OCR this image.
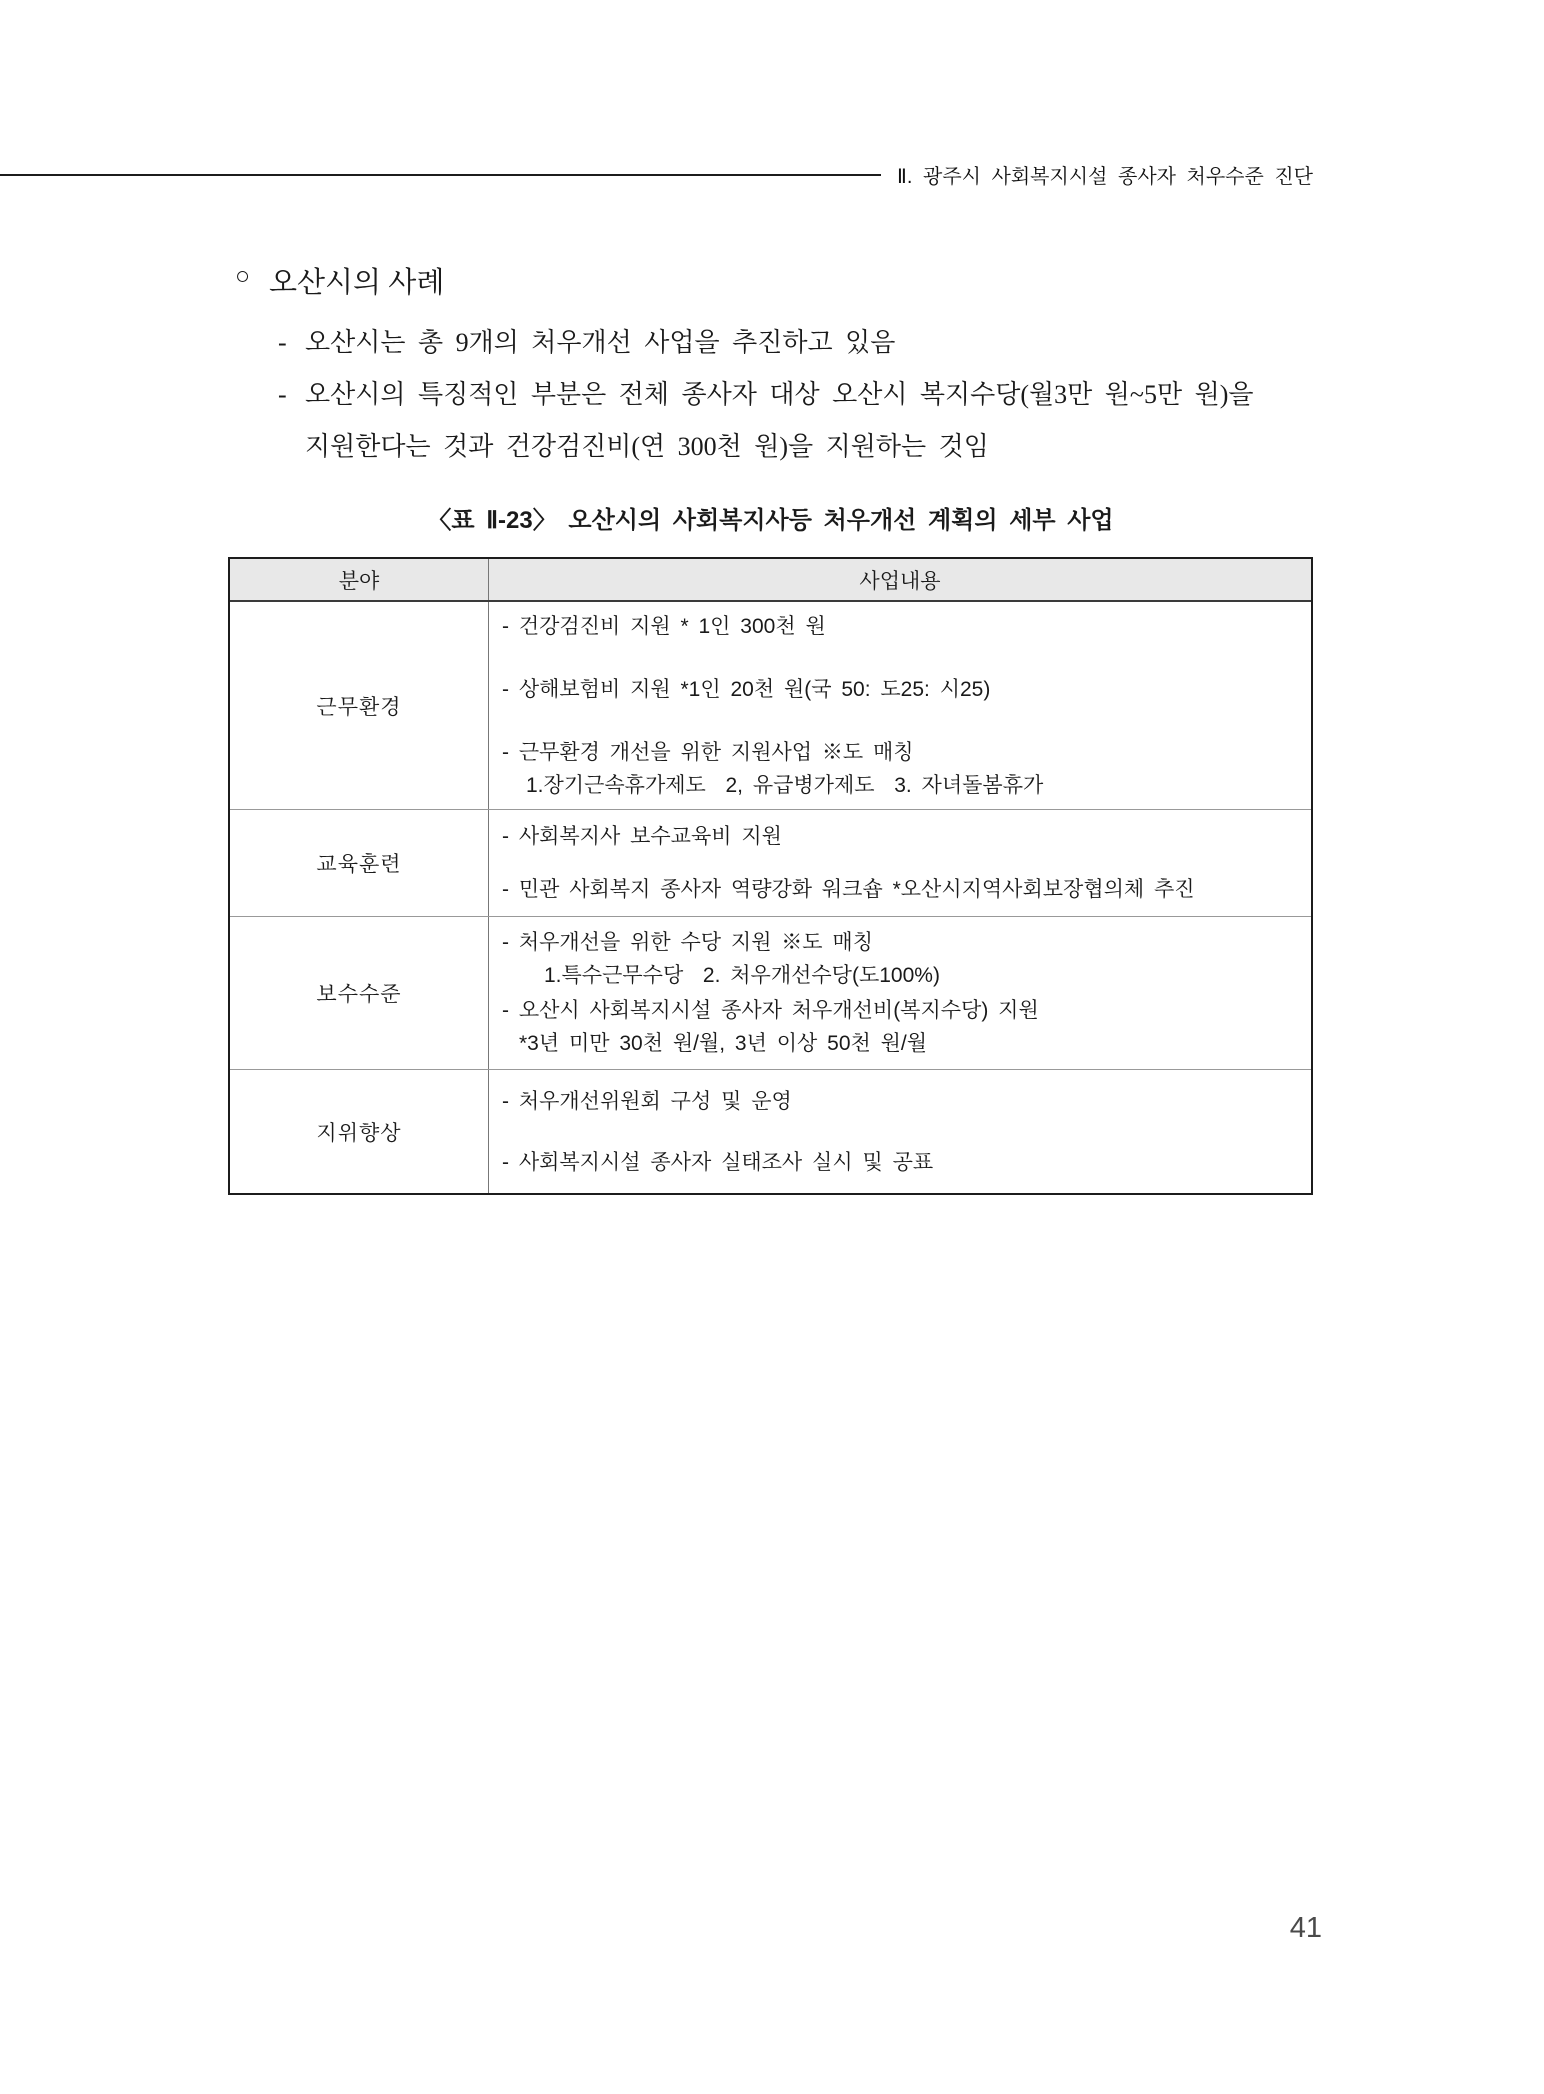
Ⅱ. 광주시 사회복지시설 종사자 처우수준 진단
○ 오산시의 사례
- 오산시는 총 9개의 처우개선 사업을 추진하고 있음
- 오산시의 특징적인 부분은 전체 종사자 대상 오산시 복지수당(월3만 원~5만 원)을
지원한다는 것과 건강검진비(연 300천 원)을 지원하는 것임
〈표 Ⅱ-23〉 오산시의 사회복지사등 처우개선 계획의 세부 사업
분야	사업내용
근무환경
- 건강검진비 지원 * 1인 300천 원
- 상해보험비 지원 *1인 20천 원(국 50: 도25: 시25)
- 근무환경 개선을 위한 지원사업 ※도 매칭
1.장기근속휴가제도  2, 유급병가제도  3. 자녀돌봄휴가
교육훈련
- 사회복지사 보수교육비 지원
- 민관 사회복지 종사자 역량강화 워크숍 *오산시지역사회보장협의체 추진
보수수준
- 처우개선을 위한 수당 지원 ※도 매칭
1.특수근무수당  2. 처우개선수당(도100%)
- 오산시 사회복지시설 종사자 처우개선비(복지수당) 지원
*3년 미만 30천 원/월, 3년 이상 50천 원/월
지위향상
- 처우개선위원회 구성 및 운영
- 사회복지시설 종사자 실태조사 실시 및 공표
41
